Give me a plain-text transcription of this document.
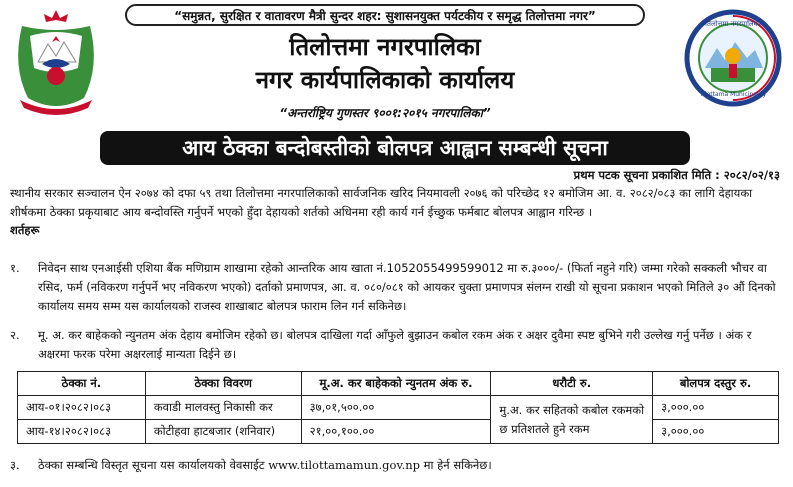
तिलोत्तमा नगरपालिका
Tilottama Municipality
“समुन्नत, सुरक्षित र वातावरण मैत्री सुन्दर शहर: सुशासनयुक्त पर्यटकीय र समृद्ध तिलोत्तमा नगर”
तिलोत्तमा नगरपालिका
नगर कार्यपालिकाको कार्यालय
“अन्तर्राष्ट्रिय गुणस्तर ९००१:२०१५ नगरपालिका”
आय ठेक्का बन्दोबस्तीको बोलपत्र आह्वान सम्बन्धी सूचना
प्रथम पटक सूचना प्रकाशित मिति : २०८२/०२/१३
स्थानीय सरकार सञ्चालन ऐन २०७४ को दफा ५९ तथा तिलोत्तमा नगरपालिकाको सार्वजनिक खरिद नियमावली २०७६ को परिच्छेद १२ बमोजिम आ. व. २०८२/०८३ का लागि देहायका शीर्षकमा ठेक्का प्रकृयाबाट आय बन्दोवस्ति गर्नुपर्ने भएको हुँदा देहायको शर्तको अधिनमा रही कार्य गर्न ईच्छुक फर्मबाट बोलपत्र आह्वान गरिन्छ ।
शर्तहरू
१.	निवेदन साथ एनआईसी एशिया बैंक मणिग्राम शाखामा रहेको आन्तरिक आय खाता नं.1052055499599012 मा रु.३०००/- (फिर्ता नहुने गरि) जम्मा गरेको सक्कली भौचर वा रसिद, फर्म (नविकरण गर्नुपर्ने भए नविकरण भएको) दर्ताको प्रमाणपत्र, आ. व. ०८०/०८१ को आयकर चुक्ता प्रमाणपत्र संलग्न राखी यो सूचना प्रकाशन भएको मितिले ३० औं दिनको कार्यालय समय सम्म यस कार्यालयको राजस्व शाखाबाट बोलपत्र फाराम लिन गर्न सकिनेछ।
२.	मू. अ. कर बाहेकको न्युनतम अंक देहाय बमोजिम रहेको छ। बोलपत्र दाखिला गर्दा आँफुले बुझाउन कबोल रकम अंक र अक्षर दुवैमा स्पष्ट बुभिने गरी उल्लेख गर्नु पर्नेछ । अंक र अक्षरमा फरक परेमा अक्षरलाई मान्यता दिईने छ।
ठेक्का नं.	ठेक्का विवरण	मू.अ. कर बाहेकको न्युनतम अंक रु.	धरौटी रु.	बोलपत्र दस्तुर रु.
आय-०१।२०८२।०८३	कवाडी मालवस्तु निकासी कर	३७,०१,५००.००	मु.अ. कर सहितको कबोल रकमको छ प्रतिशतले हुने रकम	३,०००.००
आय-१४।२०८२।०८३	कोटीहवा हाटबजार (शनिवार)	२१,००,१००.००		३,०००.००
३.	ठेक्का सम्बन्धि विस्तृत सूचना यस कार्यालयको वेवसाईट www.tilottamamun.gov.np मा हेर्न सकिनेछ।
